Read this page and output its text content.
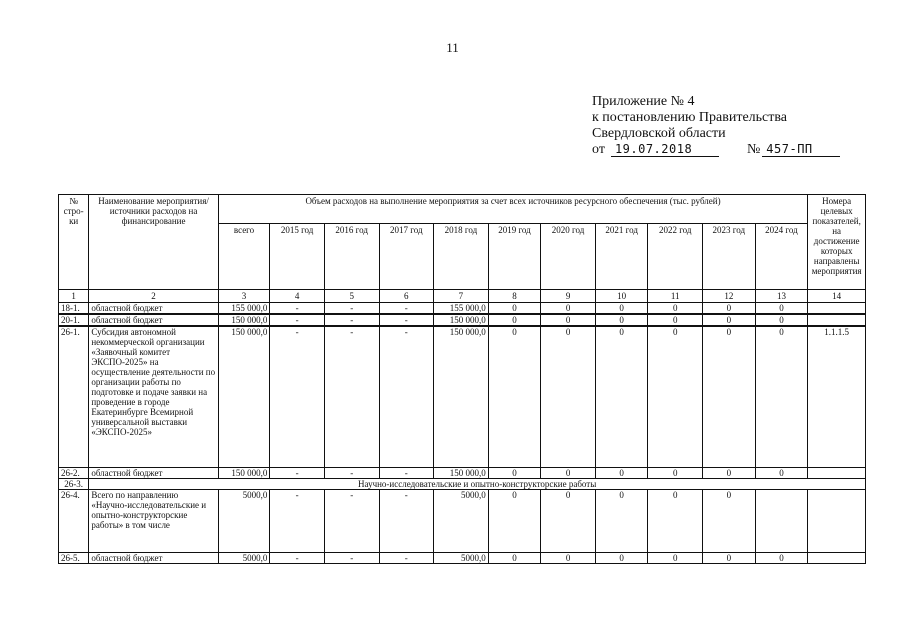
11
Приложение № 4
к постановлению Правительства
Свердловской области
от 19.07.2018	№ 457-ПП
№ стро-ки	Наименование мероприятия/ источники расходов на финансирование	Объем расходов на выполнение мероприятия за счет всех источников ресурсного обеспечения (тыс. рублей)											Номера целевых показателей, на достижение которых направлены мероприятия
		всего	2015 год	2016 год	2017 год	2018 год	2019 год	2020 год	2021 год	2022 год	2023 год	2024 год	
1	2	3	4	5	6	7	8	9	10	11	12	13	14
18-1.	областной бюджет	155 000,0	-	-	-	155 000,0	0	0	0	0	0	0	
20-1.	областной бюджет	150 000,0	-	-	-	150 000,0	0	0	0	0	0	0	
26-1.	Субсидия автономной некоммерческой организации «Заявочный комитет ЭКСПО-2025» на осуществление деятельности по организации работы по подготовке и подаче заявки на проведение в городе Екатеринбурге Всемирной универсальной выставки «ЭКСПО-2025»	150 000,0	-	-	-	150 000,0	0	0	0	0	0	0	1.1.1.5
26-2.	областной бюджет	150 000,0	-	-	-	150 000,0	0	0	0	0	0	0	
26-3.	Научно-исследовательские и опытно-конструкторские работы												
26-4.	Всего по направлению «Научно-исследовательские и опытно-конструкторские работы» в том числе	5000,0	-	-	-	5000,0	0	0	0	0	0		
26-5.	областной бюджет	5000,0	-	-	-	5000,0	0	0	0	0	0	0	
